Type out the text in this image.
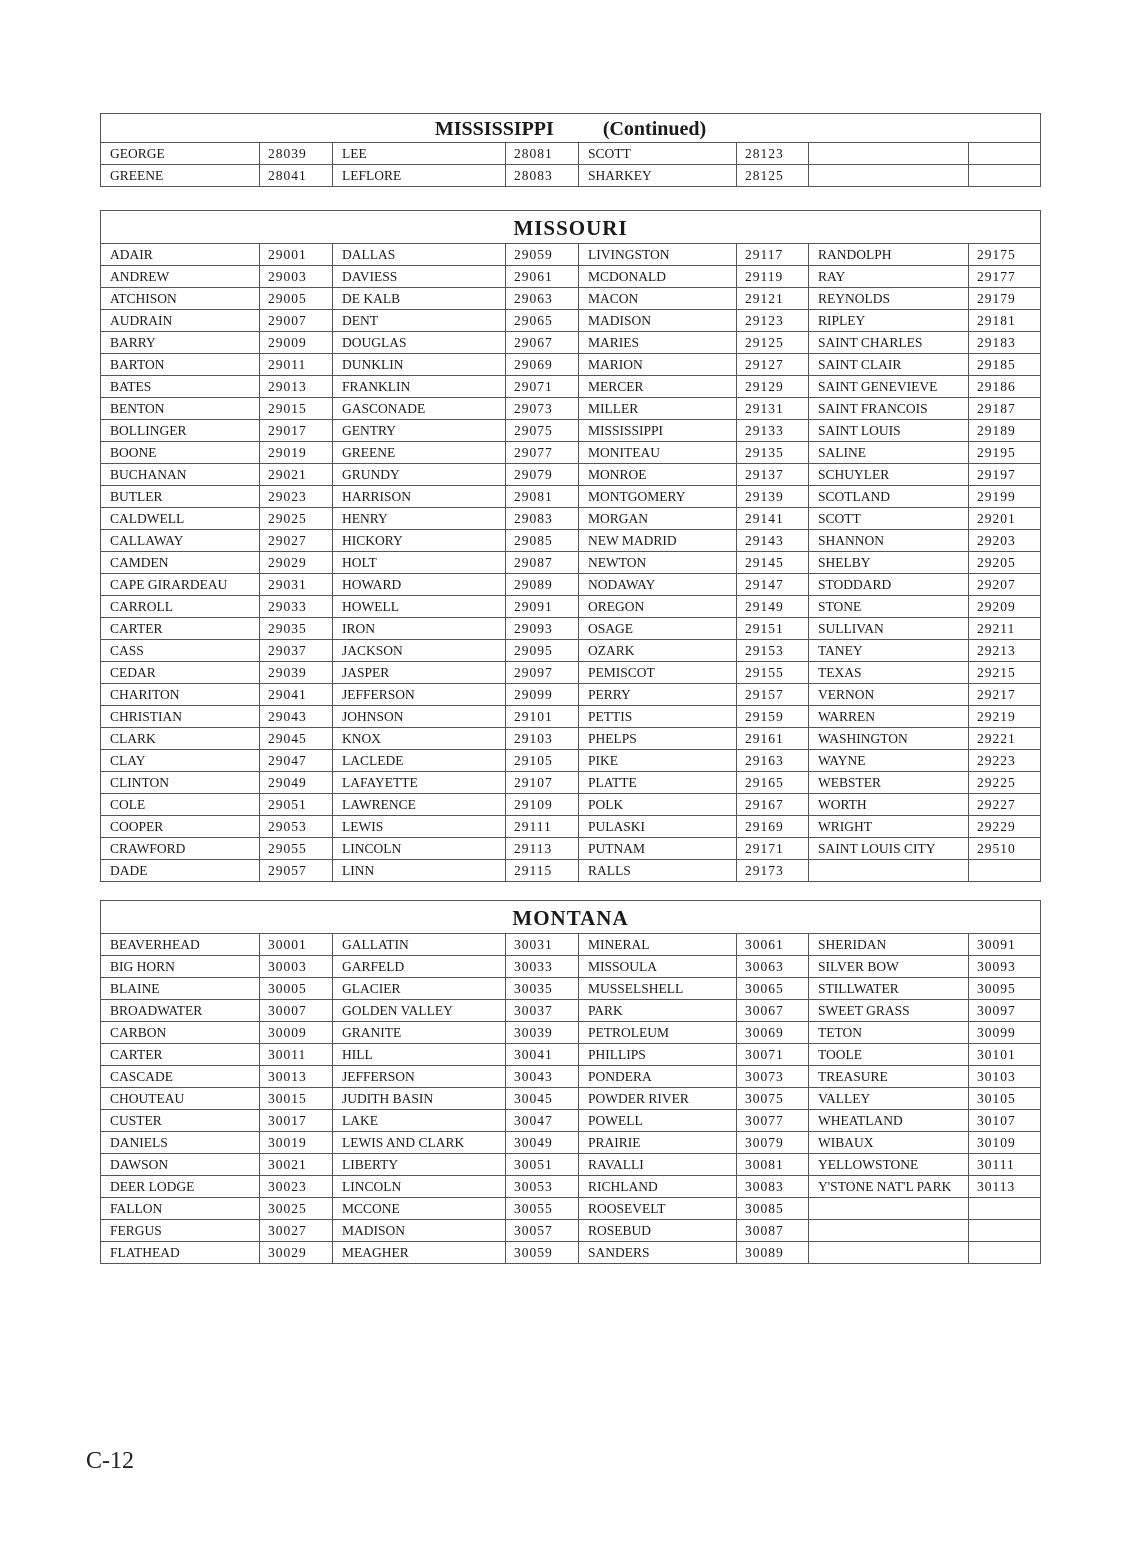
MISSISSIPPI (Continued)							
GEORGE	28039	LEE	28081	SCOTT	28123		
GREENE	28041	LEFLORE	28083	SHARKEY	28125		
MISSOURI							
ADAIR	29001	DALLAS	29059	LIVINGSTON	29117	RANDOLPH	29175
ANDREW	29003	DAVIESS	29061	MCDONALD	29119	RAY	29177
ATCHISON	29005	DE KALB	29063	MACON	29121	REYNOLDS	29179
AUDRAIN	29007	DENT	29065	MADISON	29123	RIPLEY	29181
BARRY	29009	DOUGLAS	29067	MARIES	29125	SAINT CHARLES	29183
BARTON	29011	DUNKLIN	29069	MARION	29127	SAINT CLAIR	29185
BATES	29013	FRANKLIN	29071	MERCER	29129	SAINT GENEVIEVE	29186
BENTON	29015	GASCONADE	29073	MILLER	29131	SAINT FRANCOIS	29187
BOLLINGER	29017	GENTRY	29075	MISSISSIPPI	29133	SAINT LOUIS	29189
BOONE	29019	GREENE	29077	MONITEAU	29135	SALINE	29195
BUCHANAN	29021	GRUNDY	29079	MONROE	29137	SCHUYLER	29197
BUTLER	29023	HARRISON	29081	MONTGOMERY	29139	SCOTLAND	29199
CALDWELL	29025	HENRY	29083	MORGAN	29141	SCOTT	29201
CALLAWAY	29027	HICKORY	29085	NEW MADRID	29143	SHANNON	29203
CAMDEN	29029	HOLT	29087	NEWTON	29145	SHELBY	29205
CAPE GIRARDEAU	29031	HOWARD	29089	NODAWAY	29147	STODDARD	29207
CARROLL	29033	HOWELL	29091	OREGON	29149	STONE	29209
CARTER	29035	IRON	29093	OSAGE	29151	SULLIVAN	29211
CASS	29037	JACKSON	29095	OZARK	29153	TANEY	29213
CEDAR	29039	JASPER	29097	PEMISCOT	29155	TEXAS	29215
CHARITON	29041	JEFFERSON	29099	PERRY	29157	VERNON	29217
CHRISTIAN	29043	JOHNSON	29101	PETTIS	29159	WARREN	29219
CLARK	29045	KNOX	29103	PHELPS	29161	WASHINGTON	29221
CLAY	29047	LACLEDE	29105	PIKE	29163	WAYNE	29223
CLINTON	29049	LAFAYETTE	29107	PLATTE	29165	WEBSTER	29225
COLE	29051	LAWRENCE	29109	POLK	29167	WORTH	29227
COOPER	29053	LEWIS	29111	PULASKI	29169	WRIGHT	29229
CRAWFORD	29055	LINCOLN	29113	PUTNAM	29171	SAINT LOUIS CITY	29510
DADE	29057	LINN	29115	RALLS	29173		
MONTANA							
BEAVERHEAD	30001	GALLATIN	30031	MINERAL	30061	SHERIDAN	30091
BIG HORN	30003	GARFELD	30033	MISSOULA	30063	SILVER BOW	30093
BLAINE	30005	GLACIER	30035	MUSSELSHELL	30065	STILLWATER	30095
BROADWATER	30007	GOLDEN VALLEY	30037	PARK	30067	SWEET GRASS	30097
CARBON	30009	GRANITE	30039	PETROLEUM	30069	TETON	30099
CARTER	30011	HILL	30041	PHILLIPS	30071	TOOLE	30101
CASCADE	30013	JEFFERSON	30043	PONDERA	30073	TREASURE	30103
CHOUTEAU	30015	JUDITH BASIN	30045	POWDER RIVER	30075	VALLEY	30105
CUSTER	30017	LAKE	30047	POWELL	30077	WHEATLAND	30107
DANIELS	30019	LEWIS AND CLARK	30049	PRAIRIE	30079	WIBAUX	30109
DAWSON	30021	LIBERTY	30051	RAVALLI	30081	YELLOWSTONE	30111
DEER LODGE	30023	LINCOLN	30053	RICHLAND	30083	Y'STONE NAT'L PARK	30113
FALLON	30025	MCCONE	30055	ROOSEVELT	30085		
FERGUS	30027	MADISON	30057	ROSEBUD	30087		
FLATHEAD	30029	MEAGHER	30059	SANDERS	30089		
C-12
